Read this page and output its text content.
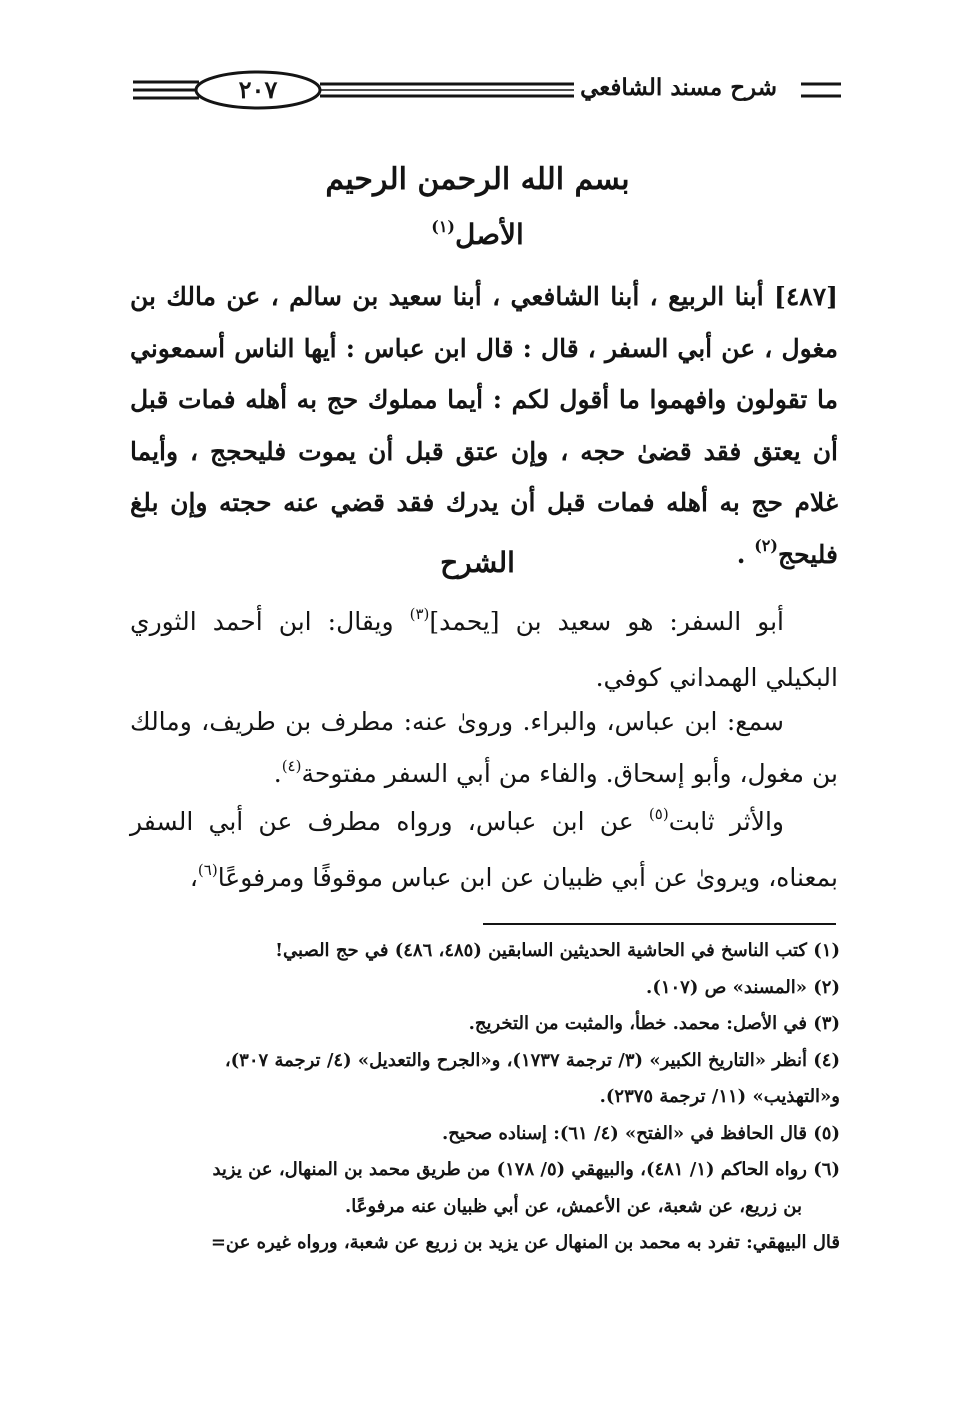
شرح مسند الشافعي
٢٠٧
بسم الله الرحمن الرحيم
الأصل$^{(١)}$
[٤٨٧] أبنا الربيع ، أبنا الشافعي ، أبنا سعيد بن سالم ، عن مالك بن مغول ، عن أبي السفر ، قال : قال ابن عباس : أيها الناس أسمعوني ما تقولون وافهموا ما أقول لكم : أيما مملوك حج به أهله فمات قبل أن يعتق فقد قضىٰ حجه ، وإن عتق قبل أن يموت فليحجج ، وأيما غلام حج به أهله فمات قبل أن يدرك فقد قضي عنه حجته وإن بلغ فليحج$^{(٢)}$ .
الشرح
أبو السفر: هو سعيد بن [يحمد]$^{(٣)}$ ويقال: ابن أحمد الثوري البكيلي الهمداني كوفي.
سمع: ابن عباس، والبراء. وروىٰ عنه: مطرف بن طريف، ومالك بن مغول، وأبو إسحاق. والفاء من أبي السفر مفتوحة$^{(٤)}$.
والأثر ثابت$^{(٥)}$ عن ابن عباس، ورواه مطرف عن أبي السفر بمعناه، ويروىٰ عن أبي ظبيان عن ابن عباس موقوفًا ومرفوعًا$^{(٦)}$،
(١) كتب الناسخ في الحاشية الحديثين السابقين (٤٨٥، ٤٨٦) في حج الصبي!
(٢) «المسند» ص (١٠٧).
(٣) في الأصل: محمد. خطأ، والمثبت من التخريج.
(٤) أنظر «التاريخ الكبير» (٣/ ترجمة ١٧٣٧)، و«الجرح والتعديل» (٤/ ترجمة ٣٠٧)،
و«التهذيب» (١١/ ترجمة ٢٣٧٥).
(٥) قال الحافظ في «الفتح» (٤/ ٦١): إسناده صحيح.
(٦) رواه الحاكم (١/ ٤٨١)، والبيهقي (٥/ ١٧٨) من طريق محمد بن المنهال، عن يزيد
بن زريع، عن شعبة، عن الأعمش، عن أبي ظبيان عنه مرفوعًا.
قال البيهقي: تفرد به محمد بن المنهال عن يزيد بن زريع عن شعبة، ورواه غيره عن=
